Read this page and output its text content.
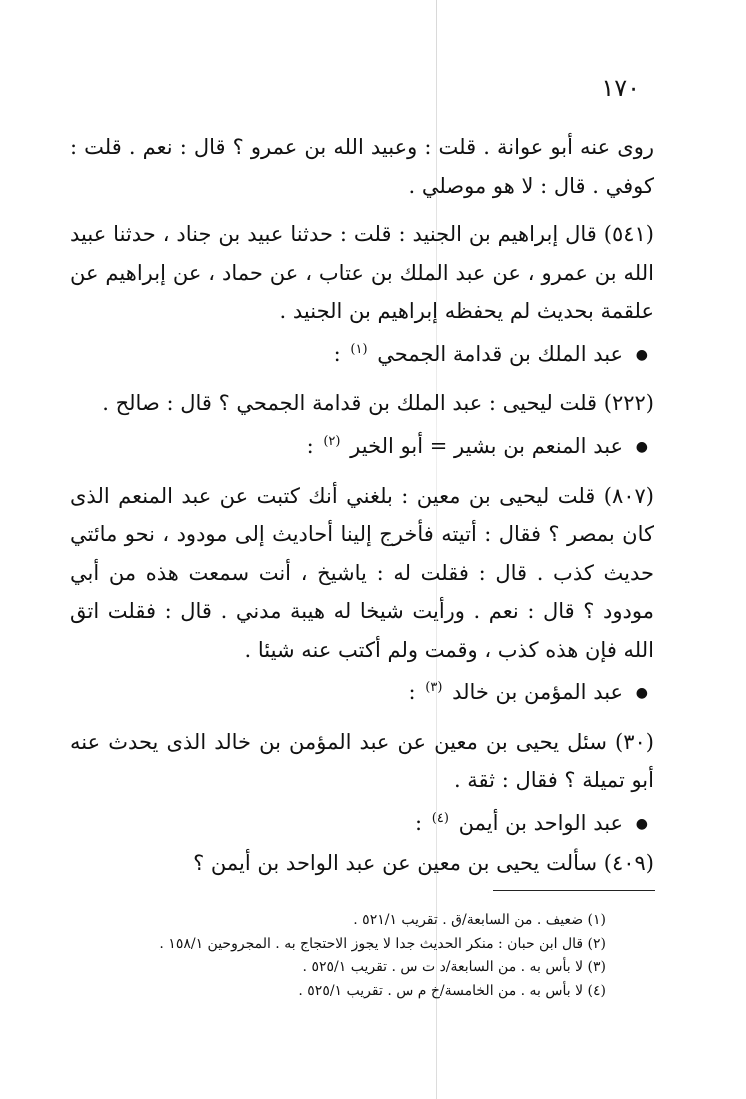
١٧٠

روى عنه أبو عوانة . قلت : وعبيد الله بن عمرو ؟ قال : نعم . قلت : كوفي . قال : لا هو موصلي .

(٥٤١) قال إبراهيم بن الجنيد : قلت : حدثنا عبيد بن جناد ، حدثنا عبيد الله بن عمرو ، عن عبد الملك بن عتاب ، عن حماد ، عن إبراهيم عن علقمة بحديث لم يحفظه إبراهيم بن الجنيد .

● عبد الملك بن قدامة الجمحي $^{(١)}$ :

(٢٢٢) قلت ليحيى : عبد الملك بن قدامة الجمحي ؟ قال : صالح .

● عبد المنعم بن بشير = أبو الخير $^{(٢)}$ :

(٨٠٧) قلت ليحيى بن معين : بلغني أنك كتبت عن عبد المنعم الذى كان بمصر ؟ فقال : أتيته فأخرج إلينا أحاديث إلى مودود ، نحو مائتي حديث كذب . قال : فقلت له : ياشيخ ، أنت سمعت هذه من أبي مودود ؟ قال : نعم . ورأيت شيخا له هيبة مدني . قال : فقلت اتق الله فإن هذه كذب ، وقمت ولم أكتب عنه شيئا .

● عبد المؤمن بن خالد $^{(٣)}$ :

(٣٠) سئل يحيى بن معين عن عبد المؤمن بن خالد الذى يحدث عنه أبو تميلة ؟ فقال : ثقة .

● عبد الواحد بن أيمن $^{(٤)}$ :

(٤٠٩) سألت يحيى بن معين عن عبد الواحد بن أيمن ؟

(١) ضعيف . من السابعة/ق . تقريب ٥٢١/١ .
(٢) قال ابن حبان : منكر الحديث جدا لا يجوز الاحتجاج به . المجروحين ١٥٨/١ .
(٣) لا بأس به . من السابعة/د ت س . تقريب ٥٢٥/١ .
(٤) لا بأس به . من الخامسة/خ م س . تقريب ٥٢٥/١ .
